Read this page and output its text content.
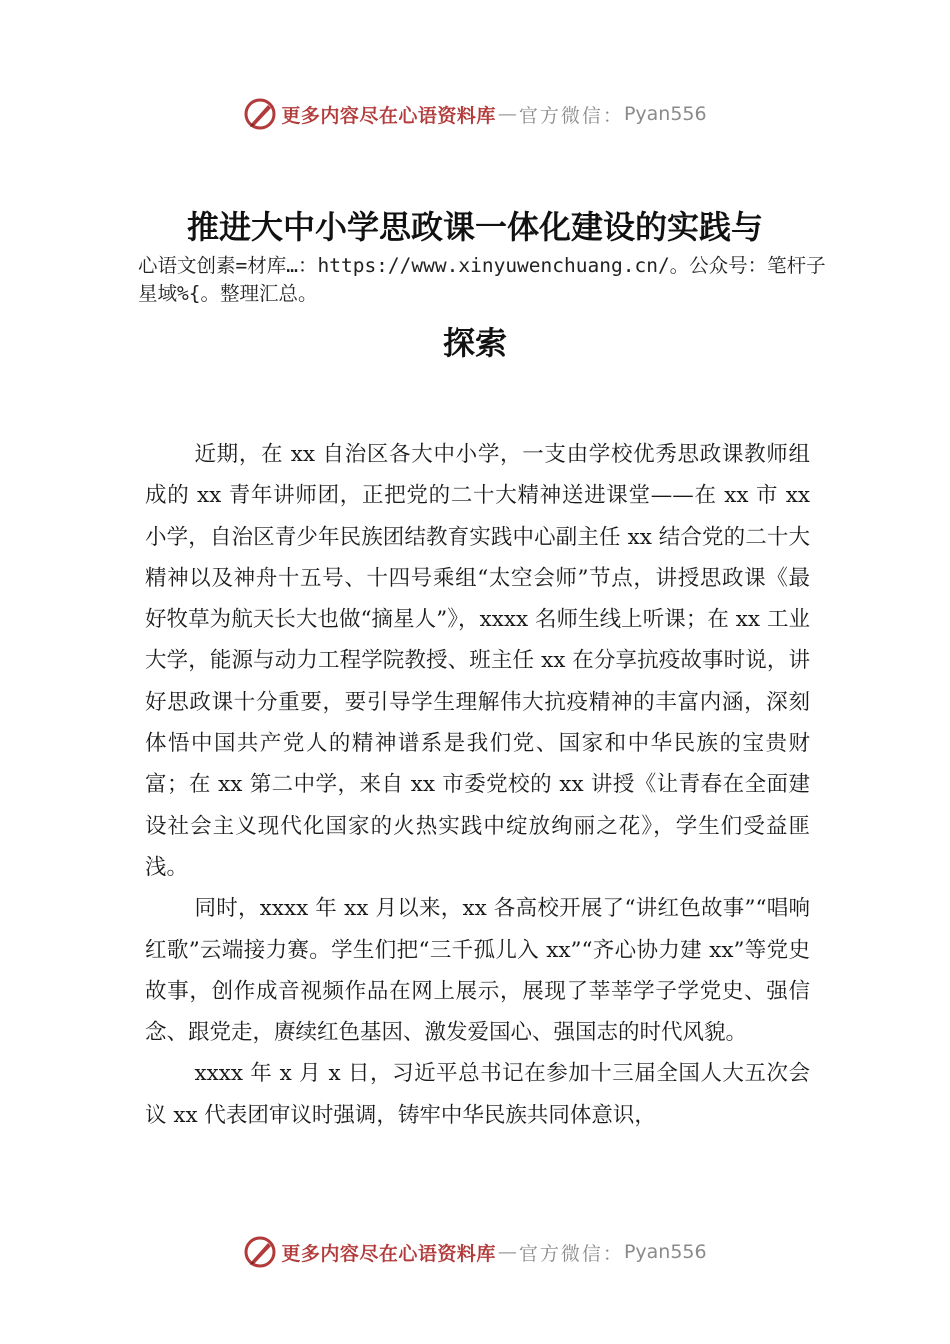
更多内容尽在心语资料库 — 官方微信： Pyan556
推进大中小学思政课一体化建设的实践与
心语文创素=材库…：https://www.xinyuwenchuang.cn/。公众号：笔杆子星域%{。整理汇总。
探索

近期，在 xx 自治区各大中小学，一支由学校优秀思政课教师组成的 xx 青年讲师团，正把党的二十大精神送进课堂——在 xx 市 xx 小学，自治区青少年民族团结教育实践中心副主任 xx 结合党的二十大精神以及神舟十五号、十四号乘组“太空会师”节点，讲授思政课《最好牧草为航天长大也做“摘星人”》，xxxx 名师生线上听课；在 xx 工业大学，能源与动力工程学院教授、班主任 xx 在分享抗疫故事时说，讲好思政课十分重要，要引导学生理解伟大抗疫精神的丰富内涵，深刻体悟中国共产党人的精神谱系是我们党、国家和中华民族的宝贵财富；在 xx 第二中学，来自 xx 市委党校的 xx 讲授《让青春在全面建设社会主义现代化国家的火热实践中绽放绚丽之花》，学生们受益匪浅。

同时，xxxx 年 xx 月以来，xx 各高校开展了“讲红色故事”“唱响红歌”云端接力赛。学生们把“三千孤儿入 xx”“齐心协力建 xx”等党史故事，创作成音视频作品在网上展示，展现了莘莘学子学党史、强信念、跟党走，赓续红色基因、激发爱国心、强国志的时代风貌。

xxxx 年 x 月 x 日，习近平总书记在参加十三届全国人大五次会议 xx 代表团审议时强调，铸牢中华民族共同体意识，

更多内容尽在心语资料库 — 官方微信： Pyan556
